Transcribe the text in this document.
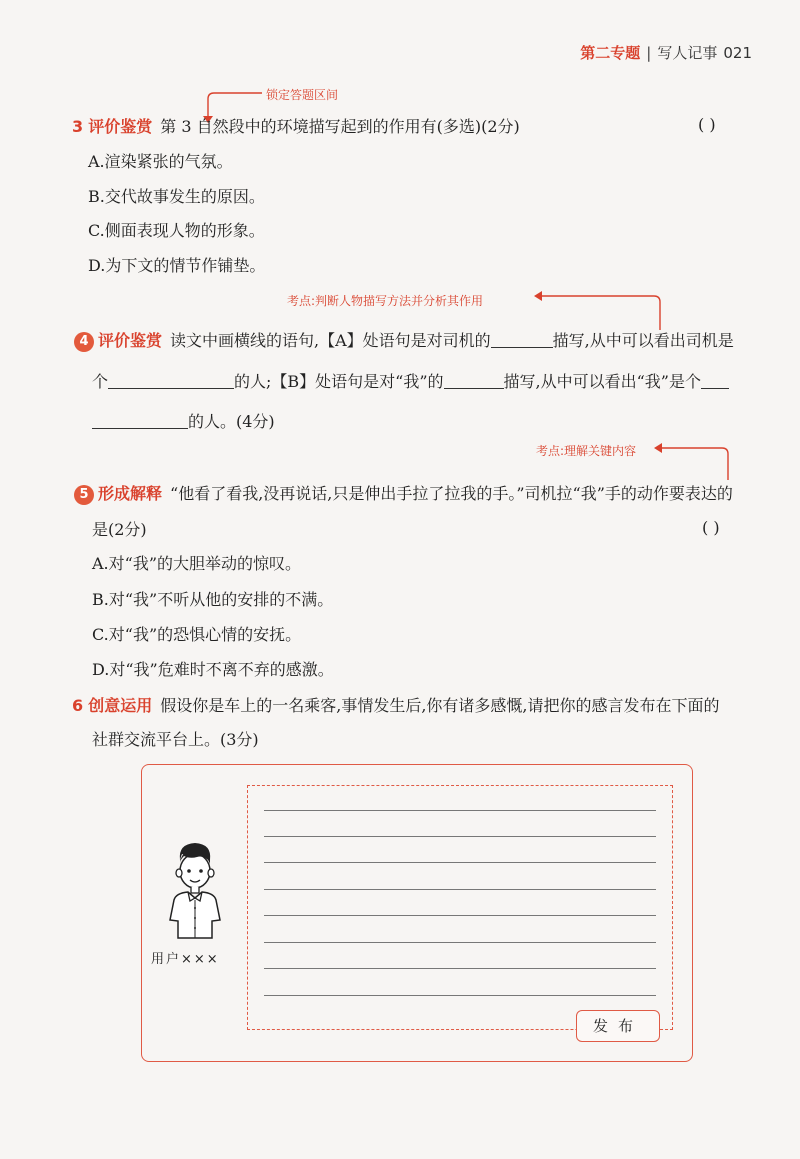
第二专题 | 写人记事 021
锁定答题区间
3 评价鉴赏 第 3 自然段中的环境描写起到的作用有(多选)(2分)	( )
A.渲染紧张的气氛。
B.交代故事发生的原因。
C.侧面表现人物的形象。
D.为下文的情节作铺垫。
考点:判断人物描写方法并分析其作用
4 评价鉴赏 读文中画横线的语句,【A】处语句是对司机的	描写,从中可以看出司机是
个	的人;【B】处语句是对“我”的	描写,从中可以看出“我”是个
的人。(4分)
考点:理解关键内容
5 形成解释 “他看了看我,没再说话,只是伸出手拉了拉我的手。”司机拉“我”手的动作要表达的
是(2分)	( )
A.对“我”的大胆举动的惊叹。
B.对“我”不听从他的安排的不满。
C.对“我”的恐惧心情的安抚。
D.对“我”危难时不离不弃的感激。
6 创意运用 假设你是车上的一名乘客,事情发生后,你有诸多感慨,请把你的感言发布在下面的
社群交流平台上。(3分)
用户×××
发布
